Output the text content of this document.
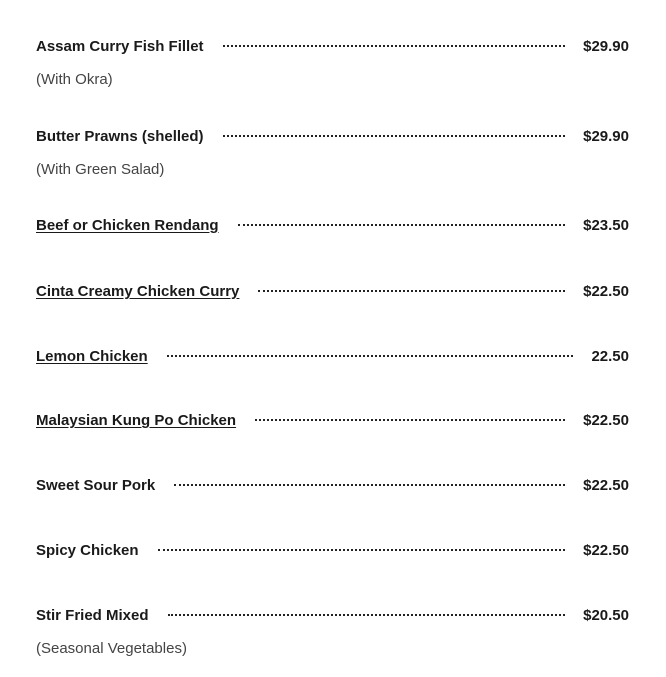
Assam Curry Fish Fillet	$29.90
(With Okra)
Butter Prawns (shelled)	$29.90
(With Green Salad)
Beef or Chicken Rendang	$23.50
Cinta Creamy Chicken Curry	$22.50
Lemon Chicken	22.50
Malaysian Kung Po Chicken	$22.50
Sweet Sour Pork	$22.50
Spicy Chicken	$22.50
Stir Fried Mixed	$20.50
(Seasonal Vegetables)
